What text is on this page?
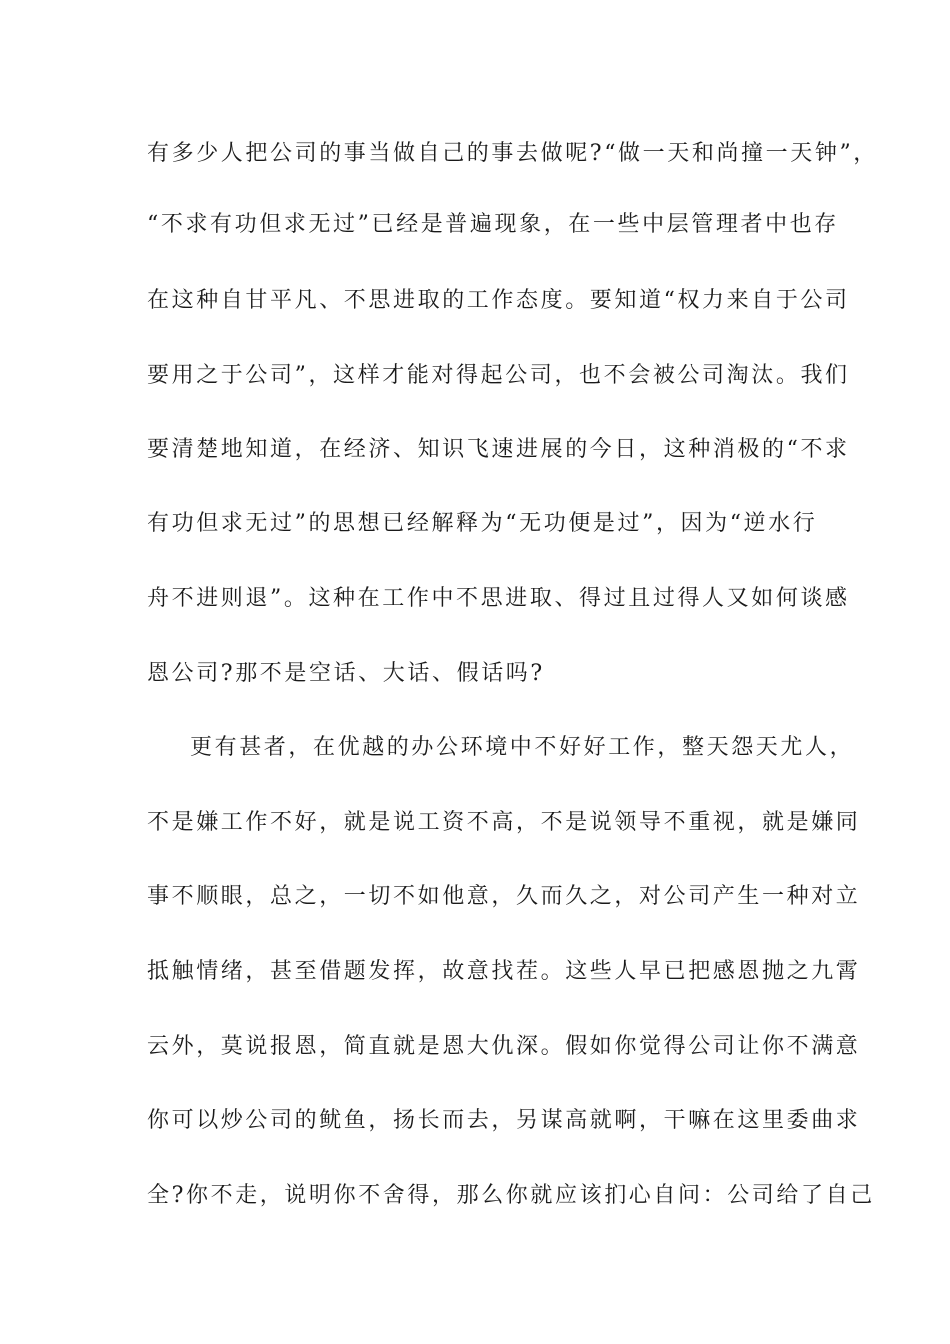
有多少人把公司的事当做自己的事去做呢?“做一天和尚撞一天钟”，
“不求有功但求无过”已经是普遍现象，在一些中层管理者中也存
在这种自甘平凡、不思进取的工作态度。要知道“权力来自于公司
要用之于公司”，这样才能对得起公司，也不会被公司淘汰。我们
要清楚地知道，在经济、知识飞速进展的今日，这种消极的“不求
有功但求无过”的思想已经解释为“无功便是过”，因为“逆水行
舟不进则退”。这种在工作中不思进取、得过且过得人又如何谈感
恩公司?那不是空话、大话、假话吗?
更有甚者，在优越的办公环境中不好好工作，整天怨天尤人，
不是嫌工作不好，就是说工资不高，不是说领导不重视，就是嫌同
事不顺眼，总之，一切不如他意，久而久之，对公司产生一种对立
抵触情绪，甚至借题发挥，故意找茬。这些人早已把感恩抛之九霄
云外，莫说报恩，简直就是恩大仇深。假如你觉得公司让你不满意
你可以炒公司的鱿鱼，扬长而去，另谋高就啊，干嘛在这里委曲求
全?你不走，说明你不舍得，那么你就应该扪心自问：公司给了自己
